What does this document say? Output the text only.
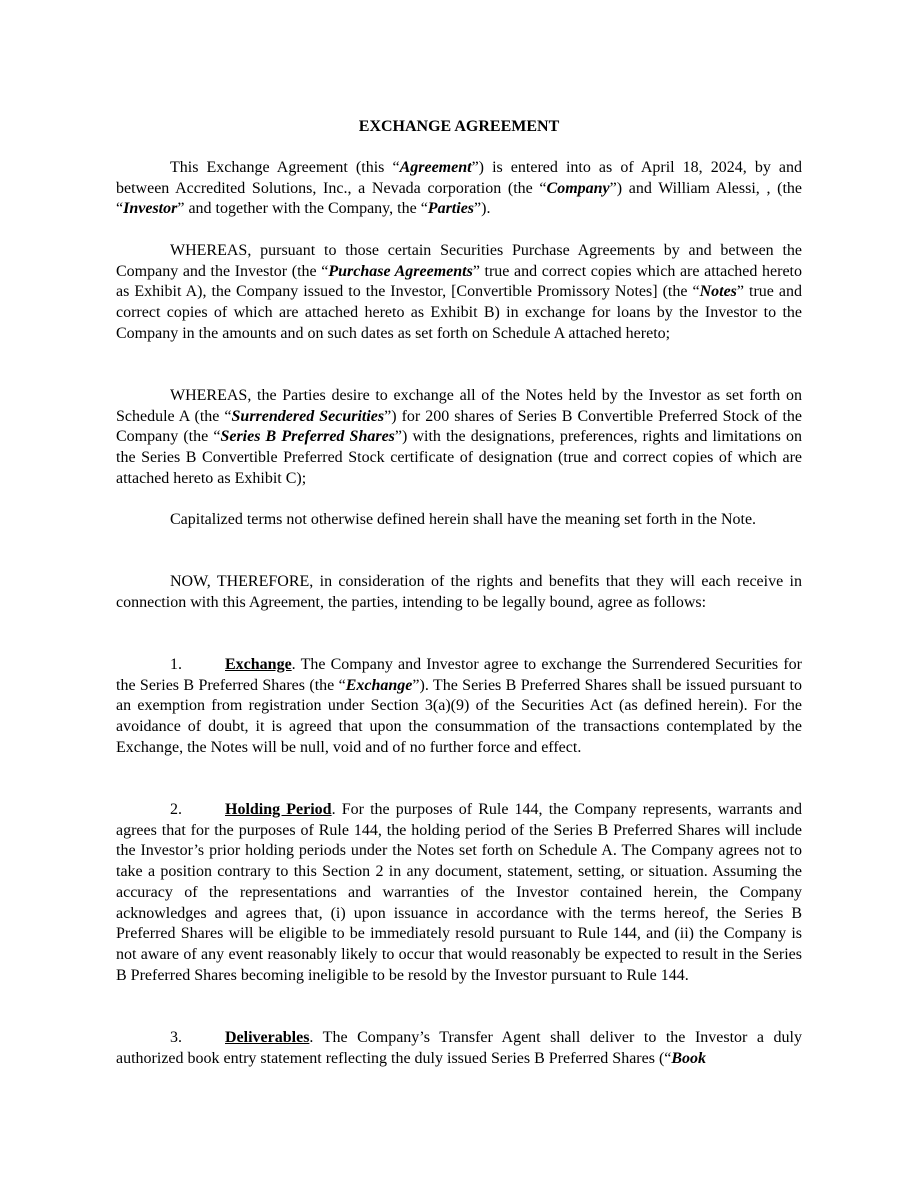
EXCHANGE AGREEMENT

This Exchange Agreement (this “Agreement”) is entered into as of April 18, 2024, by and between Accredited Solutions, Inc., a Nevada corporation (the “Company”) and William Alessi, , (the “Investor” and together with the Company, the “Parties”).

WHEREAS, pursuant to those certain Securities Purchase Agreements by and between the Company and the Investor (the “Purchase Agreements” true and correct copies which are attached hereto as Exhibit A), the Company issued to the Investor, [Convertible Promissory Notes] (the “Notes” true and correct copies of which are attached hereto as Exhibit B) in exchange for loans by the Investor to the Company in the amounts and on such dates as set forth on Schedule A attached hereto;

WHEREAS, the Parties desire to exchange all of the Notes held by the Investor as set forth on Schedule A (the “Surrendered Securities”) for 200 shares of Series B Convertible Preferred Stock of the Company (the “Series B Preferred Shares”) with the designations, preferences, rights and limitations on the Series B Convertible Preferred Stock certificate of designation (true and correct copies of which are attached hereto as Exhibit C);

Capitalized terms not otherwise defined herein shall have the meaning set forth in the Note.

NOW, THEREFORE, in consideration of the rights and benefits that they will each receive in connection with this Agreement, the parties, intending to be legally bound, agree as follows:

1.	Exchange. The Company and Investor agree to exchange the Surrendered Securities for the Series B Preferred Shares (the “Exchange”). The Series B Preferred Shares shall be issued pursuant to an exemption from registration under Section 3(a)(9) of the Securities Act (as defined herein). For the avoidance of doubt, it is agreed that upon the consummation of the transactions contemplated by the Exchange, the Notes will be null, void and of no further force and effect.

2.	Holding Period. For the purposes of Rule 144, the Company represents, warrants and agrees that for the purposes of Rule 144, the holding period of the Series B Preferred Shares will include the Investor’s prior holding periods under the Notes set forth on Schedule A. The Company agrees not to take a position contrary to this Section 2 in any document, statement, setting, or situation. Assuming the accuracy of the representations and warranties of the Investor contained herein, the Company acknowledges and agrees that, (i) upon issuance in accordance with the terms hereof, the Series B Preferred Shares will be eligible to be immediately resold pursuant to Rule 144, and (ii) the Company is not aware of any event reasonably likely to occur that would reasonably be expected to result in the Series B Preferred Shares becoming ineligible to be resold by the Investor pursuant to Rule 144.

3.	Deliverables. The Company’s Transfer Agent shall deliver to the Investor a duly authorized book entry statement reflecting the duly issued Series B Preferred Shares (“Book
